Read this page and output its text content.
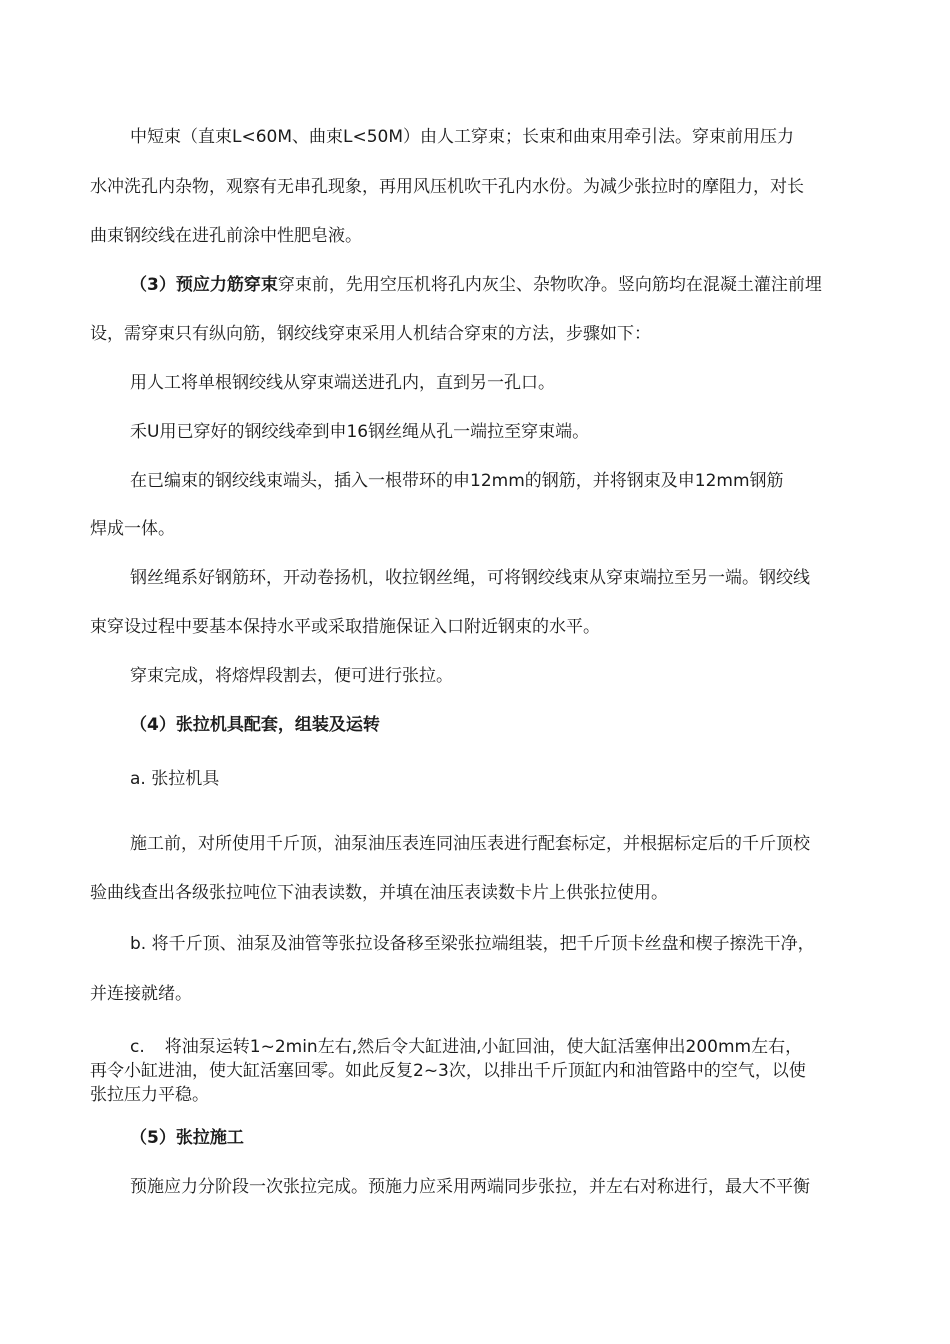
中短束（直束L<60M、曲束L<50M）由人工穿束；长束和曲束用牵引法。穿束前用压力

水冲洗孔内杂物，观察有无串孔现象，再用风压机吹干孔内水份。为减少张拉时的摩阻力，对长

曲束钢绞线在进孔前涂中性肥皂液。

（3）预应力筋穿束穿束前，先用空压机将孔内灰尘、杂物吹净。竖向筋均在混凝土灌注前埋

设，需穿束只有纵向筋，钢绞线穿束采用人机结合穿束的方法，步骤如下：

用人工将单根钢绞线从穿束端送进孔内，直到另一孔口。

禾U用已穿好的钢绞线牵到申16钢丝绳从孔一端拉至穿束端。

在已编束的钢绞线束端头，插入一根带环的申12mm的钢筋，并将钢束及申12mm钢筋

焊成一体。

钢丝绳系好钢筋环，开动卷扬机，收拉钢丝绳，可将钢绞线束从穿束端拉至另一端。钢绞线

束穿设过程中要基本保持水平或采取措施保证入口附近钢束的水平。

穿束完成，将熔焊段割去，便可进行张拉。

（4）张拉机具配套，组装及运转

a. 张拉机具

施工前，对所使用千斤顶，油泵油压表连同油压表进行配套标定，并根据标定后的千斤顶校

验曲线查出各级张拉吨位下油表读数，并填在油压表读数卡片上供张拉使用。

b. 将千斤顶、油泵及油管等张拉设备移至梁张拉端组装，把千斤顶卡丝盘和楔子擦洗干净，

并连接就绪。

c. 将油泵运转1~2min左右,然后令大缸进油,小缸回油，使大缸活塞伸出200mm左右，

再令小缸进油，使大缸活塞回零。如此反复2~3次，以排出千斤顶缸内和油管路中的空气，以使

张拉压力平稳。

（5）张拉施工

预施应力分阶段一次张拉完成。预施力应采用两端同步张拉，并左右对称进行，最大不平衡
